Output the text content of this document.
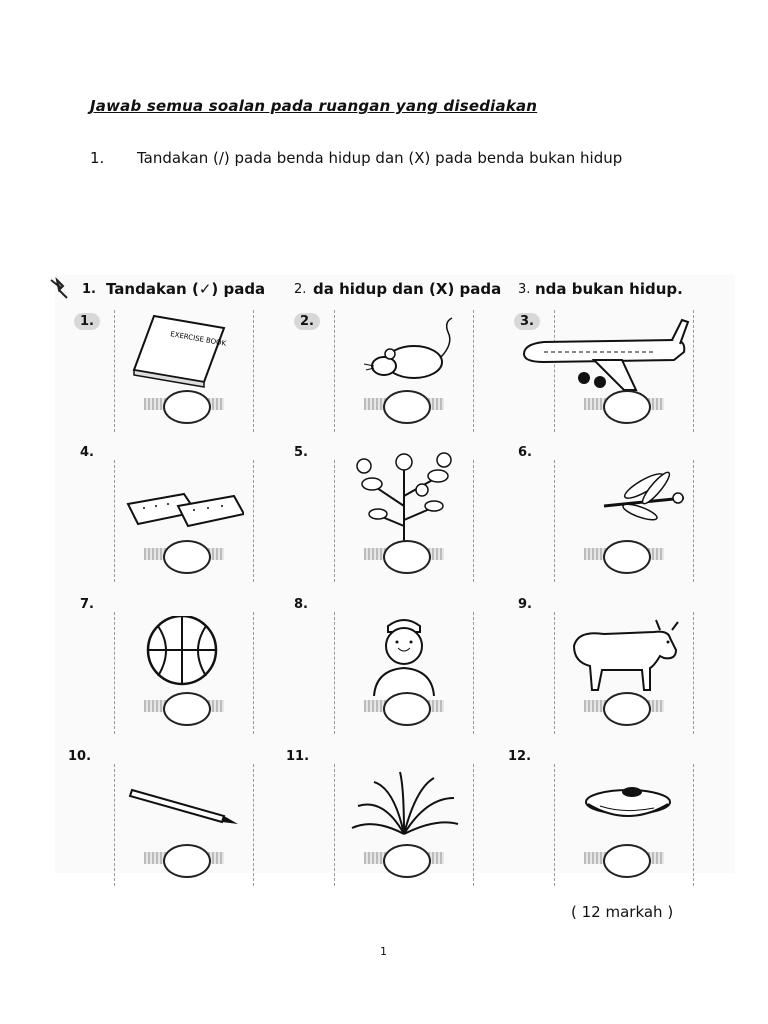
Jawab semua soalan pada ruangan yang disediakan
1. Tandakan (/) pada benda hidup dan (X) pada benda bukan hidup
1. Tandakan (✓) pada 2. da hidup dan (X) pada 3. nda bukan hidup.
1.
EXERCISE BOOK
2.	3.
4.	5.	6.
7.	8.	9.
10.	11.	12.
( 12 markah )
1
